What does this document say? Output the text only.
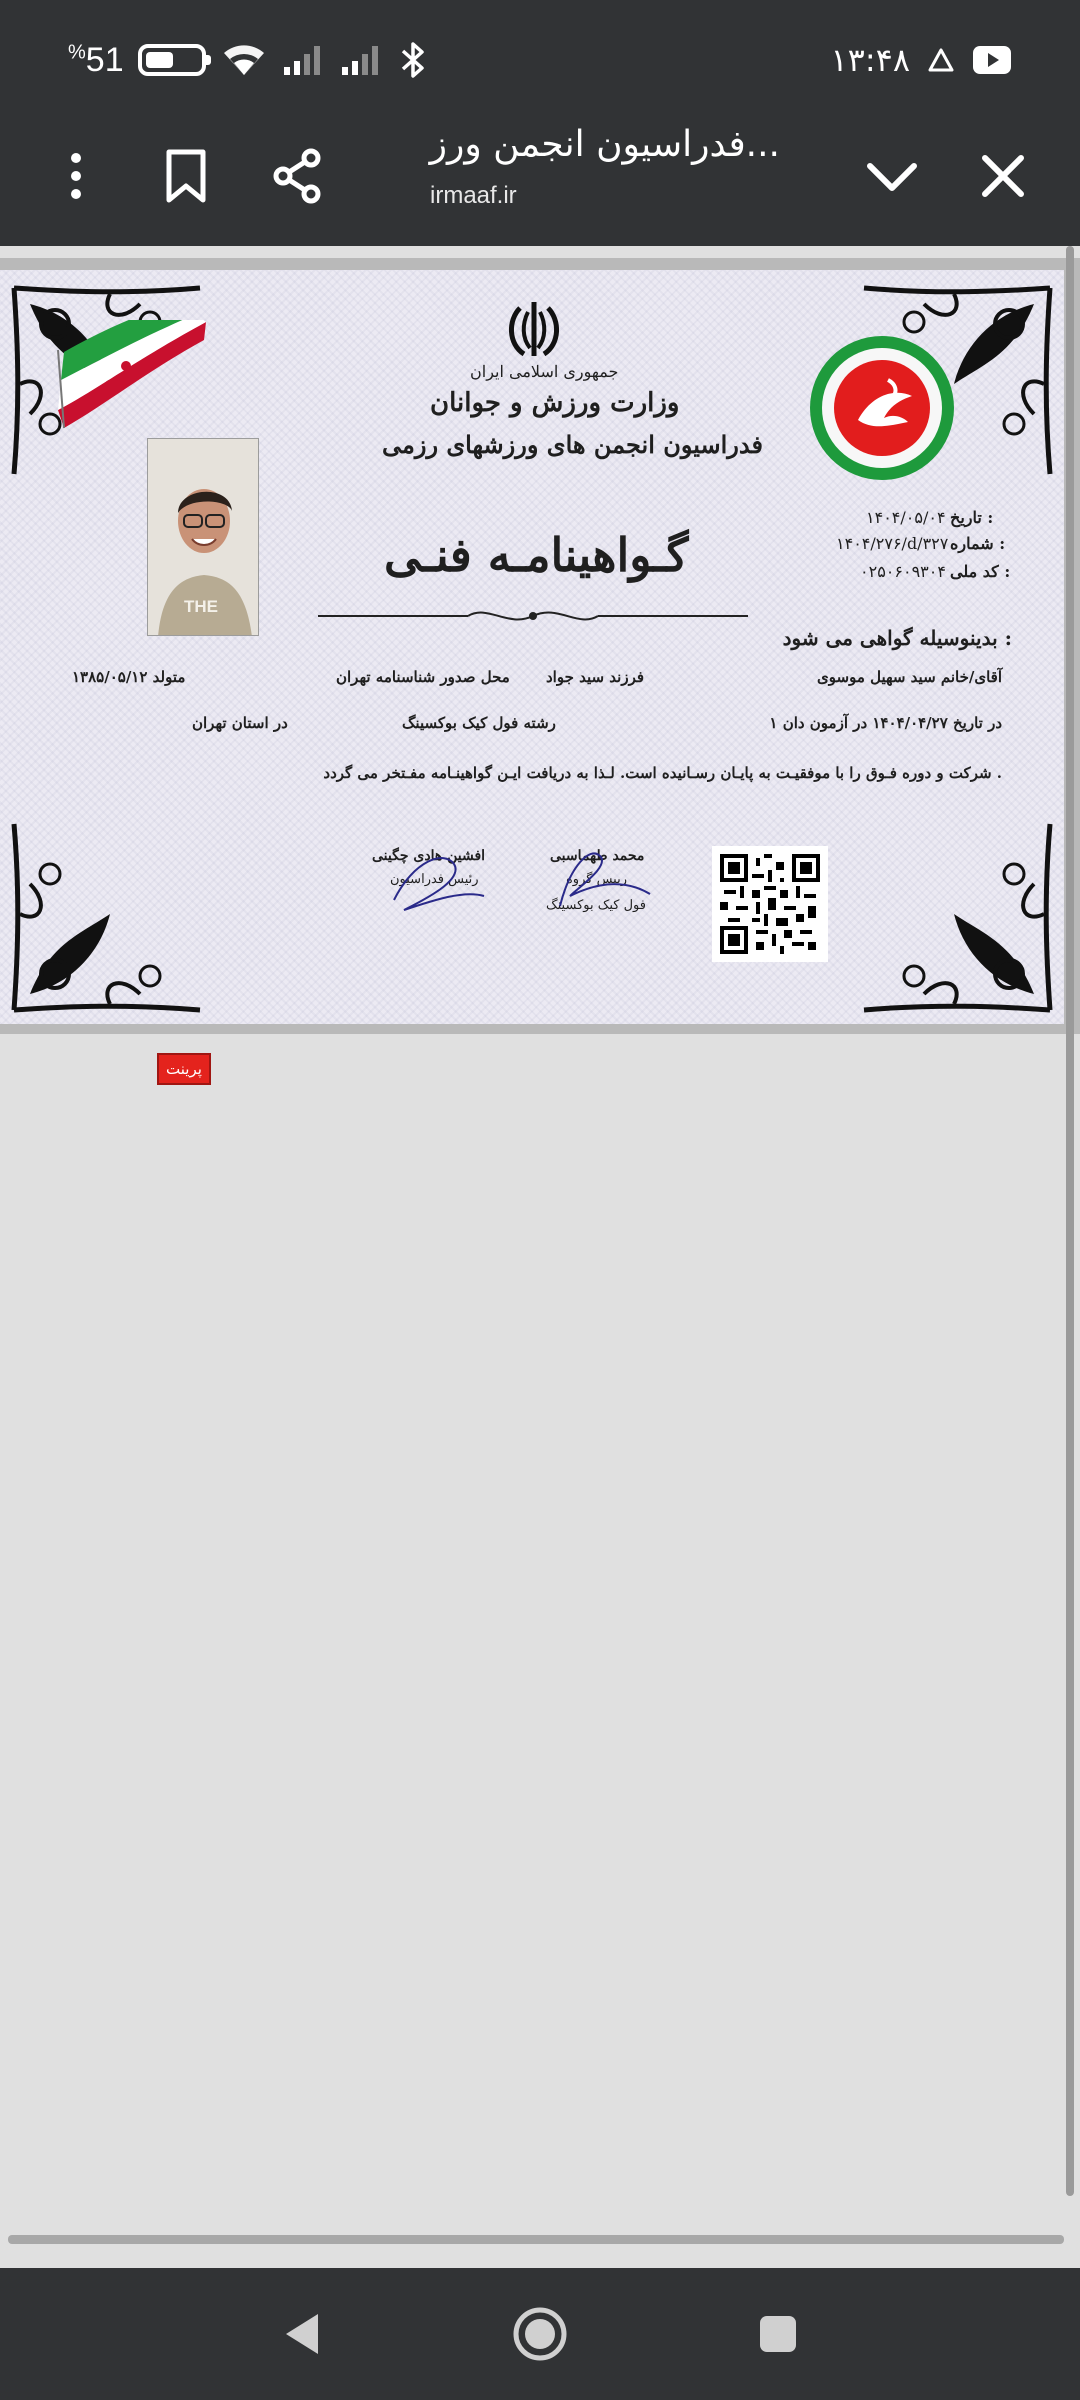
%51	۱۳:۴۸
فدراسیون انجمن ورز...
irmaaf.ir
THE
جمهوری اسلامی ایران
وزارت ورزش و جوانان
فدراسیون انجمن های ورزشهای رزمی
تاریخ :
۱۴۰۴/۰۵/۰۴
شماره :
۱۴۰۴/۲۷۶/d/۳۲۷
کد ملی :
۰۲۵۰۶۰۹۳۰۴
گـواهینامـه فنـی
بدینوسیله گواهی می شود :
آقای/خانم سید سهیل موسوی
فرزند سید جواد
محل صدور شناسنامه تهران
متولد ۱۳۸۵/۰۵/۱۲
در تاریخ ۱۴۰۴/۰۴/۲۷ در آزمون دان ۱
رشته فول کیک بوکسینگ
در استان تهران
شرکت و دوره فـوق را با موفقیـت به پایـان رسـانیده است. لـذا به دریافت ایـن گواهینـامه مفـتخر می گردد .
محمد طهماسبی
رییس گروه
فول کیک بوکسینگ
افشین هادی چگینی
رئیس فدراسیون
پرینت
